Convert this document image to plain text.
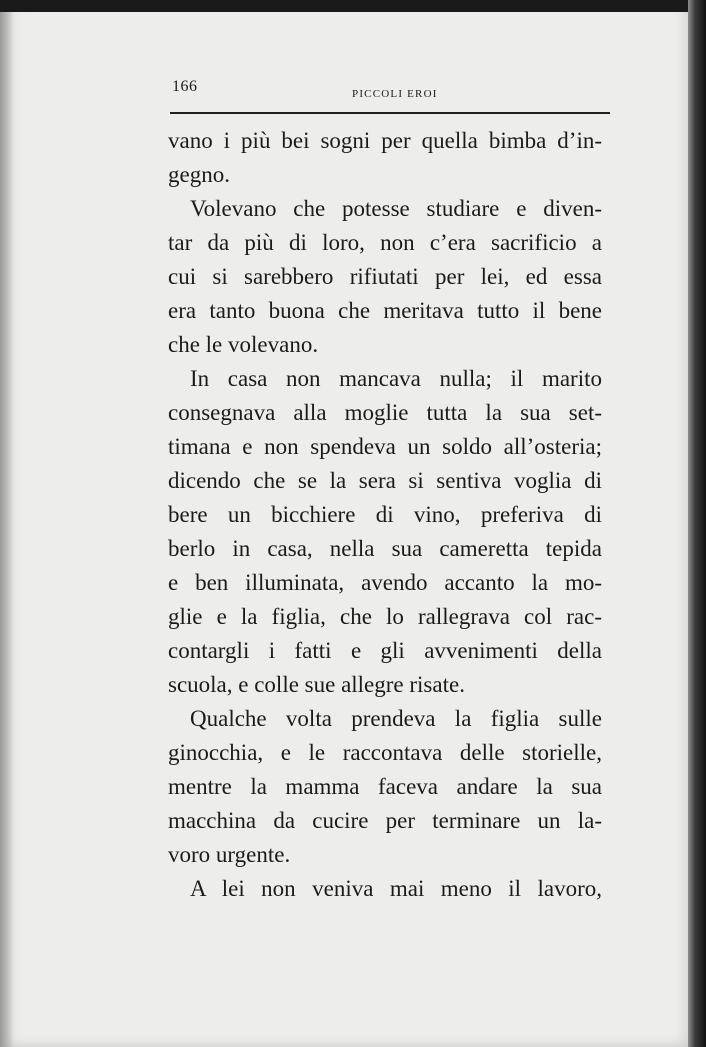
166	PICCOLI EROI
vano i più bei sogni per quella bimba d’in-
gegno.
Volevano che potesse studiare e diven-
tar da più di loro, non c’era sacrificio a
cui si sarebbero rifiutati per lei, ed essa
era tanto buona che meritava tutto il bene
che le volevano.
In casa non mancava nulla; il marito
consegnava alla moglie tutta la sua set-
timana e non spendeva un soldo all’osteria;
dicendo che se la sera si sentiva voglia di
bere un bicchiere di vino, preferiva di
berlo in casa, nella sua cameretta tepida
e ben illuminata, avendo accanto la mo-
glie e la figlia, che lo rallegrava col rac-
contargli i fatti e gli avvenimenti della
scuola, e colle sue allegre risate.
Qualche volta prendeva la figlia sulle
ginocchia, e le raccontava delle storielle,
mentre la mamma faceva andare la sua
macchina da cucire per terminare un la-
voro urgente.
A lei non veniva mai meno il lavoro,
